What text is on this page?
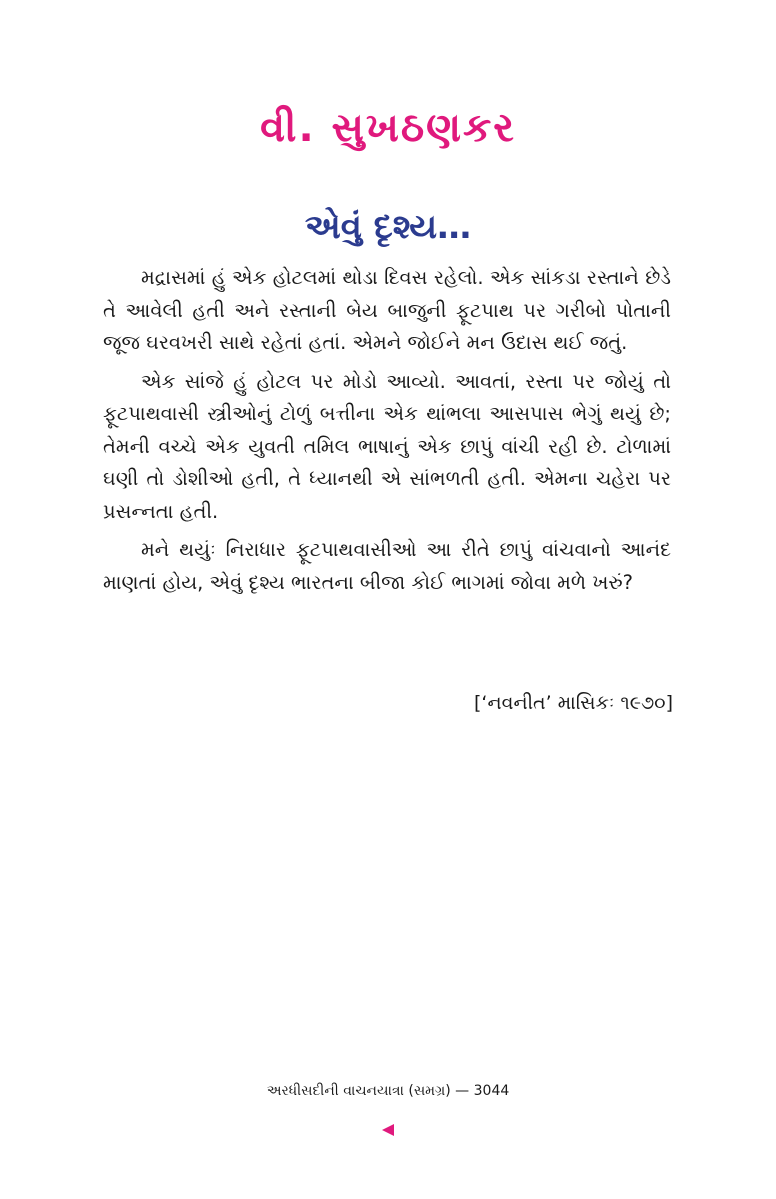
વી. સુખઠણકર
એવું દૃશ્ય…

મદ્રાસમાં હું એક હોટલમાં થોડા દિવસ રહેલો. એક સાંકડા રસ્તાને છેડે તે આવેલી હતી અને રસ્તાની બેય બાજુની ફૂટપાથ પર ગરીબો પોતાની જૂજ ઘરવખરી સાથે રહેતાં હતાં. એમને જોઈને મન ઉદાસ થઈ જતું.

એક સાંજે હું હોટલ પર મોડો આવ્યો. આવતાં, રસ્તા પર જોયું તો ફૂટપાથવાસી સ્ત્રીઓનું ટોળું બત્તીના એક થાંભલા આસપાસ ભેગું થયું છે; તેમની વચ્ચે એક યુવતી તમિલ ભાષાનું એક છાપું વાંચી રહી છે. ટોળામાં ઘણી તો ડોશીઓ હતી, તે ધ્યાનથી એ સાંભળતી હતી. એમના ચહેરા પર પ્રસન્નતા હતી.

મને થયુંઃ નિરાધાર ફૂટપાથવાસીઓ આ રીતે છાપું વાંચવાનો આનંદ માણતાં હોય, એવું દૃશ્ય ભારતના બીજા કોઈ ભાગમાં જોવા મળે ખરું?

[‘નવનીત’ માસિકઃ ૧૯૭૦]
અરધીસદીની વાચનયાત્રા (સમગ્ર) — 3044
